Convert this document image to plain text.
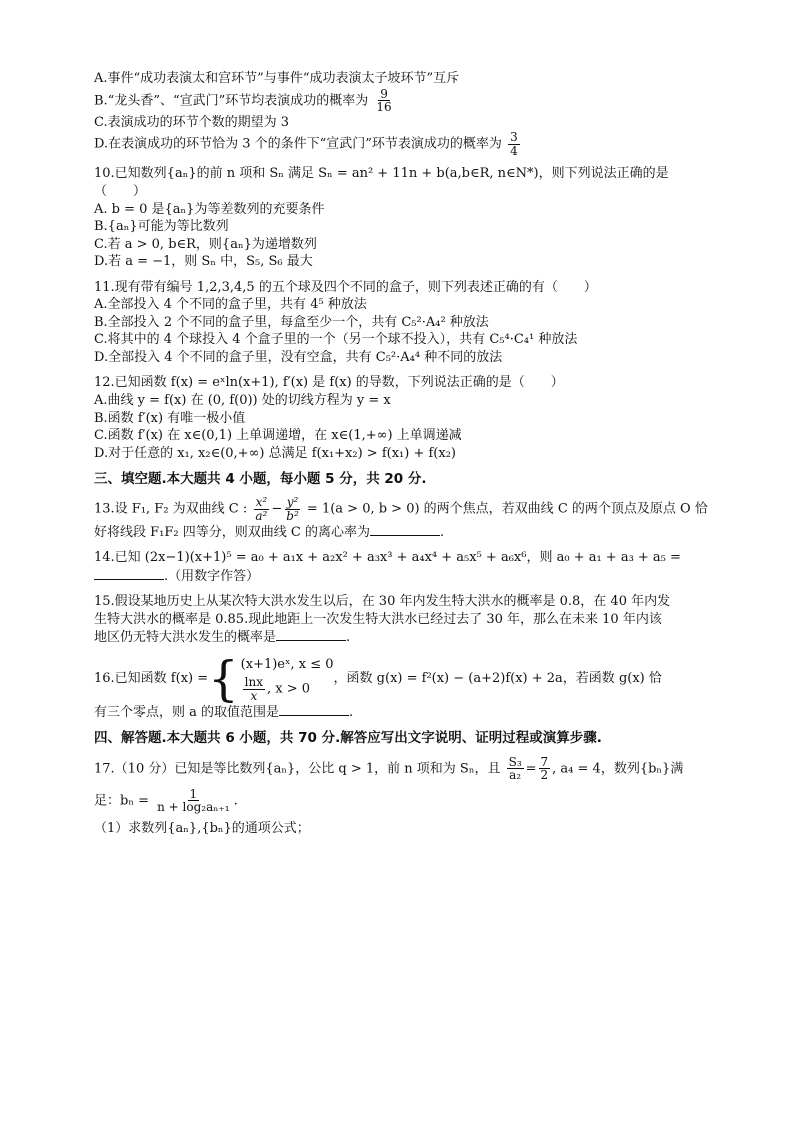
A.事件“成功表演太和宫环节”与事件“成功表演太子坡环节”互斥

B.“龙头香”、“宣武门”环节均表演成功的概率为 $\frac{9}{16}$

C.表演成功的环节个数的期望为 3

D.在表演成功的环节恰为 3 个的条件下“宣武门”环节表演成功的概率为 $\frac{3}{4}$

10.已知数列{aₙ}的前 n 项和 Sₙ 满足 Sₙ = an² + 11n + b(a,b∈R, n∈N*)，则下列说法正确的是

（　　）

A. b = 0 是{aₙ}为等差数列的充要条件

B.{aₙ}可能为等比数列

C.若 a > 0, b∈R，则{aₙ}为递增数列

D.若 a = −1，则 Sₙ 中，S₅, S₆ 最大

11.现有带有编号 1,2,3,4,5 的五个球及四个不同的盒子，则下列表述正确的有（　　）

A.全部投入 4 个不同的盒子里，共有 4⁵ 种放法

B.全部投入 2 个不同的盒子里，每盒至少一个，共有 C₅²·A₄² 种放法

C.将其中的 4 个球投入 4 个盒子里的一个（另一个球不投入），共有 C₅⁴·C₄¹ 种放法

D.全部投入 4 个不同的盒子里，没有空盒，共有 C₅²·A₄⁴ 种不同的放法

12.已知函数 f(x) = eˣln(x+1), f′(x) 是 f(x) 的导数，下列说法正确的是（　　）

A.曲线 y = f(x) 在 (0, f(0)) 处的切线方程为 y = x

B.函数 f′(x) 有唯一极小值

C.函数 f′(x) 在 x∈(0,1) 上单调递增，在 x∈(1,+∞) 上单调递减

D.对于任意的 x₁, x₂∈(0,+∞) 总满足 f(x₁+x₂) > f(x₁) + f(x₂)

三、填空题.本大题共 4 小题，每小题 5 分，共 20 分.

13.设 F₁, F₂ 为双曲线 C : $\frac{\text{x²}}{\text{a²}} - \frac{\text{y²}}{\text{b²}} = 1(a > 0$, b > 0) 的两个焦点，若双曲线 C 的两个顶点及原点 O 恰

好将线段 F₁F₂ 四等分，则双曲线 C 的离心率为	.

14.已知 (2x−1)(x+1)⁵ = a₀ + a₁x + a₂x² + a₃x³ + a₄x⁴ + a₅x⁵ + a₆x⁶，则 a₀ + a₁ + a₃ + a₅ =

.（用数字作答）

15.假设某地历史上从某次特大洪水发生以后，在 30 年内发生特大洪水的概率是 0.8，在 40 年内发

生特大洪水的概率是 0.85.现此地距上一次发生特大洪水已经过去了 30 年，那么在未来 10 年内该

地区仍无特大洪水发生的概率是	.

16.已知函数 f(x) = { (x+1)eˣ, x ≤ 0
$\frac{\ln x}{x}$ , x > 0
，函数 g(x) = f²(x) − (a+2)f(x) + 2a，若函数 g(x) 恰

有三个零点，则 a 的取值范围是	.

四、解答题.本大题共 6 小题，共 70 分.解答应写出文字说明、证明过程或演算步骤.

17.（10 分）已知是等比数列{aₙ}，公比 q > 1，前 n 项和为 Sₙ，且 $\frac{\text{S₃}}{\text{a₂}} = \frac{7}{2}$ , a₄ = 4，数列{bₙ}满

足：$b_n = \frac{1}{\text{n + log₂aₙ₊₁}}$ .

（1）求数列{aₙ},{bₙ}的通项公式；
